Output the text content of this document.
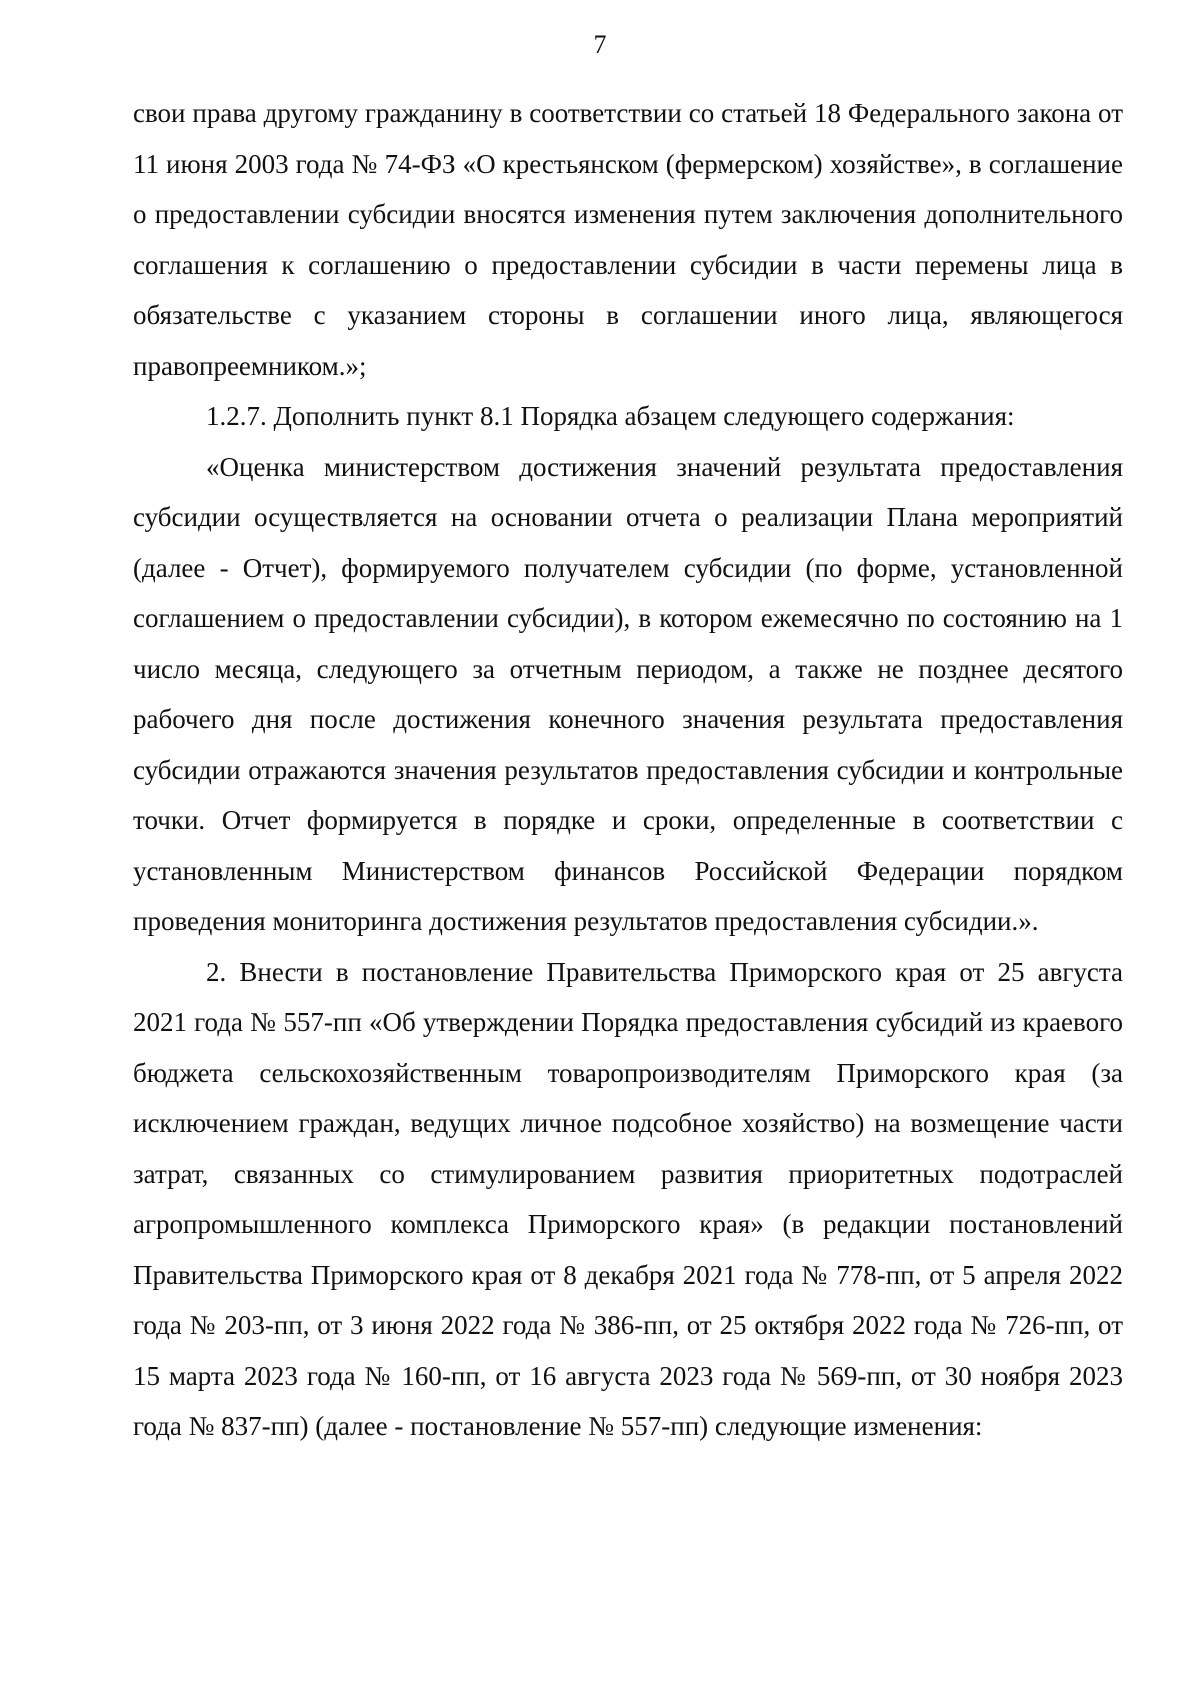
7

свои права другому гражданину в соответствии со статьей 18 Федерального закона от 11 июня 2003 года № 74-ФЗ «О крестьянском (фермерском) хозяйстве», в соглашение о предоставлении субсидии вносятся изменения путем заключения дополнительного соглашения к соглашению о предоставлении субсидии в части перемены лица в обязательстве с указанием стороны в соглашении иного лица, являющегося правопреемником.»;

1.2.7. Дополнить пункт 8.1 Порядка абзацем следующего содержания:

«Оценка министерством достижения значений результата предоставления субсидии осуществляется на основании отчета о реализации Плана мероприятий (далее - Отчет), формируемого получателем субсидии (по форме, установленной соглашением о предоставлении субсидии), в котором ежемесячно по состоянию на 1 число месяца, следующего за отчетным периодом, а также не позднее десятого рабочего дня после достижения конечного значения результата предоставления субсидии отражаются значения результатов предоставления субсидии и контрольные точки. Отчет формируется в порядке и сроки, определенные в соответствии с установленным Министерством финансов Российской Федерации порядком проведения мониторинга достижения результатов предоставления субсидии.».

2. Внести в постановление Правительства Приморского края от 25 августа 2021 года № 557-пп «Об утверждении Порядка предоставления субсидий из краевого бюджета сельскохозяйственным товаропроизводителям Приморского края (за исключением граждан, ведущих личное подсобное хозяйство) на возмещение части затрат, связанных со стимулированием развития приоритетных подотраслей агропромышленного комплекса Приморского края» (в редакции постановлений Правительства Приморского края от 8 декабря 2021 года № 778-пп, от 5 апреля 2022 года № 203-пп, от 3 июня 2022 года № 386-пп, от 25 октября 2022 года № 726-пп, от 15 марта 2023 года № 160-пп, от 16 августа 2023 года № 569-пп, от 30 ноября 2023 года № 837-пп) (далее - постановление № 557-пп) следующие изменения:
